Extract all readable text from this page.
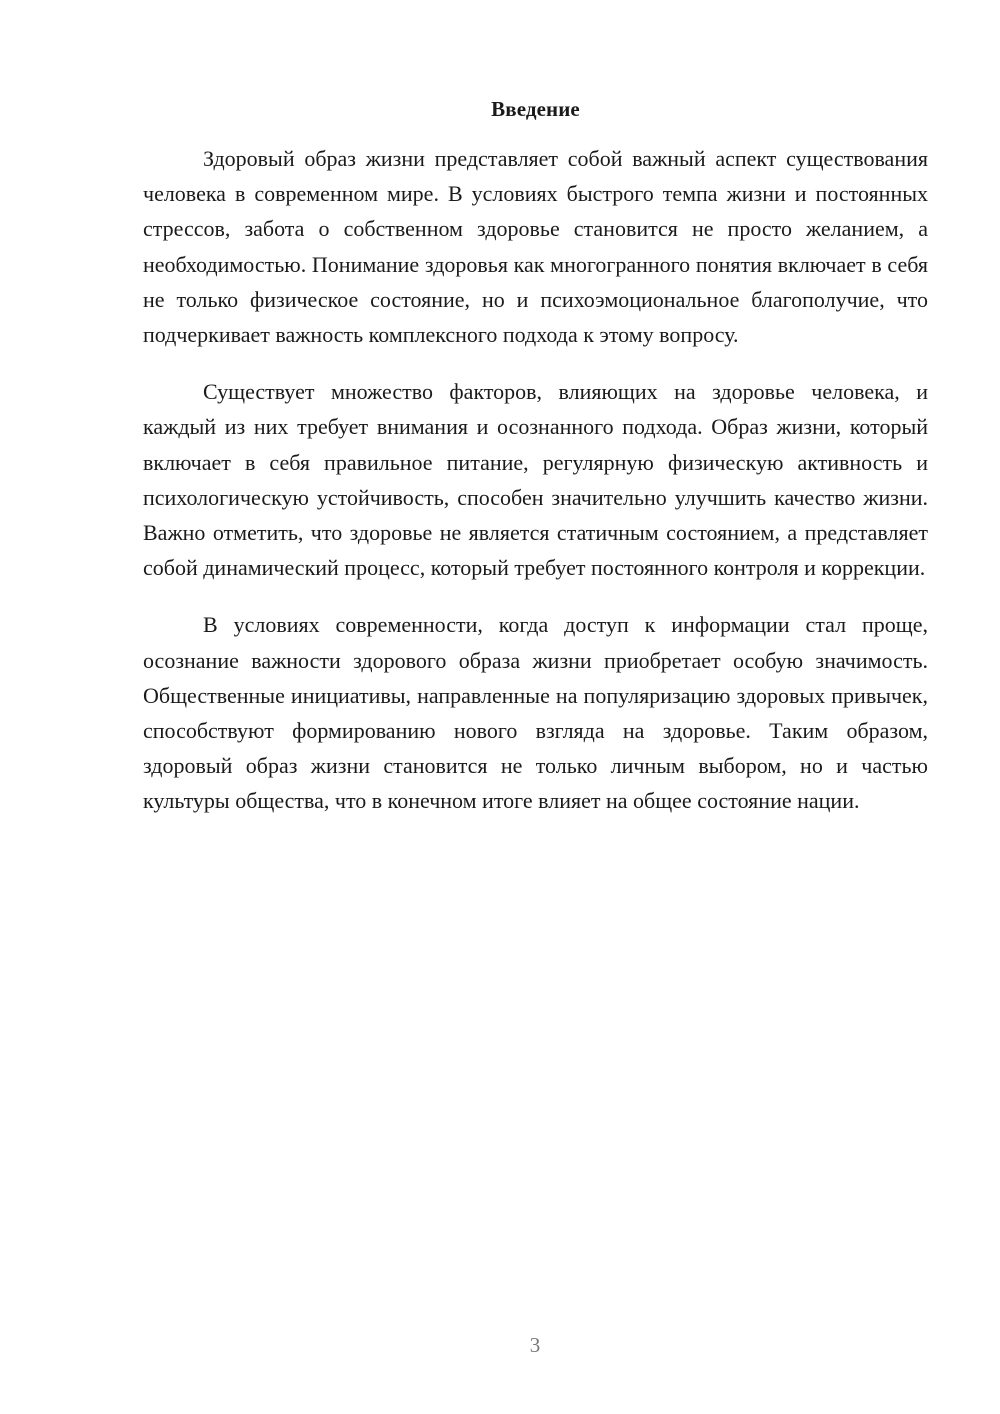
Введение

Здоровый образ жизни представляет собой важный аспект существования человека в современном мире. В условиях быстрого темпа жизни и постоянных стрессов, забота о собственном здоровье становится не просто желанием, а необходимостью. Понимание здоровья как многогранного понятия включает в себя не только физическое состояние, но и психоэмоциональное благополучие, что подчеркивает важность комплексного подхода к этому вопросу.

Существует множество факторов, влияющих на здоровье человека, и каждый из них требует внимания и осознанного подхода. Образ жизни, который включает в себя правильное питание, регулярную физическую активность и психологическую устойчивость, способен значительно улучшить качество жизни. Важно отметить, что здоровье не является статичным состоянием, а представляет собой динамический процесс, который требует постоянного контроля и коррекции.

В условиях современности, когда доступ к информации стал проще, осознание важности здорового образа жизни приобретает особую значимость. Общественные инициативы, направленные на популяризацию здоровых привычек, способствуют формированию нового взгляда на здоровье. Таким образом, здоровый образ жизни становится не только личным выбором, но и частью культуры общества, что в конечном итоге влияет на общее состояние нации.

3
